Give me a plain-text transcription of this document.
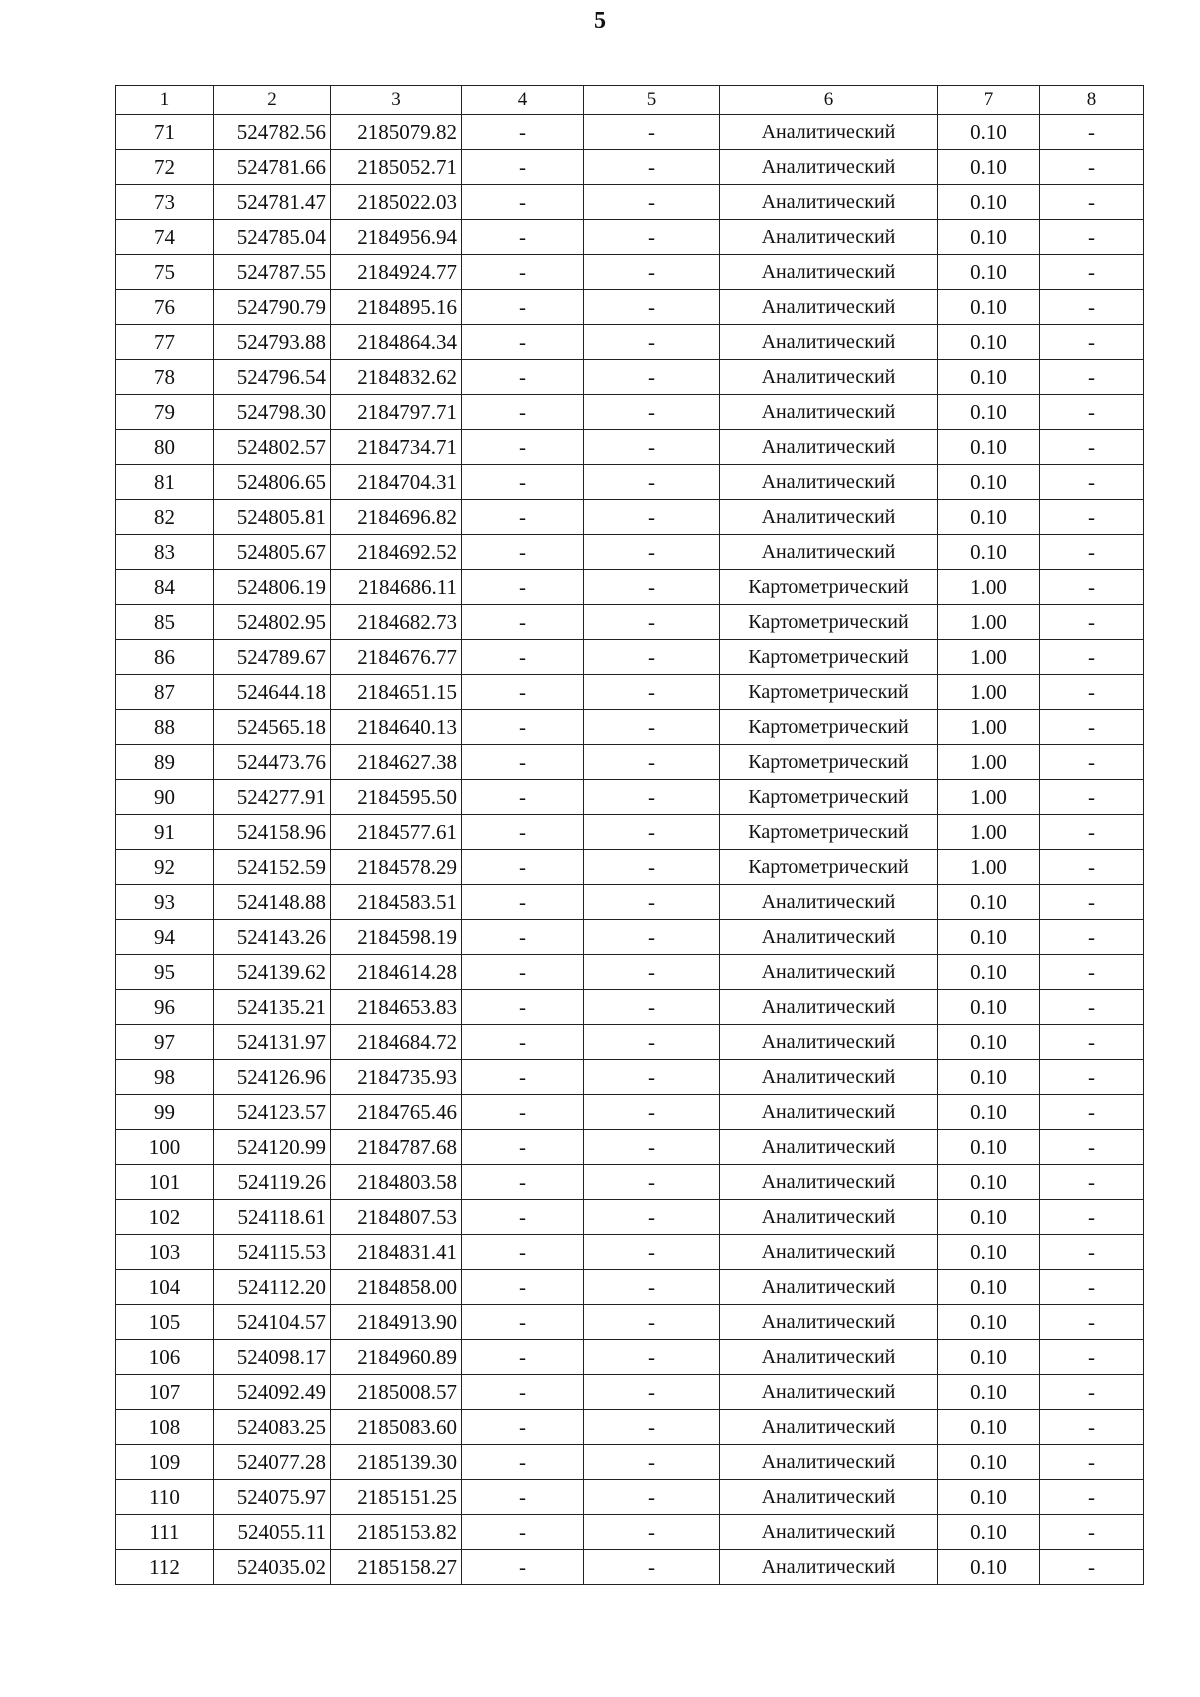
5
1	2	3	4	5	6	7	8
71	524782.56	2185079.82	-	-	Аналитический	0.10	-
72	524781.66	2185052.71	-	-	Аналитический	0.10	-
73	524781.47	2185022.03	-	-	Аналитический	0.10	-
74	524785.04	2184956.94	-	-	Аналитический	0.10	-
75	524787.55	2184924.77	-	-	Аналитический	0.10	-
76	524790.79	2184895.16	-	-	Аналитический	0.10	-
77	524793.88	2184864.34	-	-	Аналитический	0.10	-
78	524796.54	2184832.62	-	-	Аналитический	0.10	-
79	524798.30	2184797.71	-	-	Аналитический	0.10	-
80	524802.57	2184734.71	-	-	Аналитический	0.10	-
81	524806.65	2184704.31	-	-	Аналитический	0.10	-
82	524805.81	2184696.82	-	-	Аналитический	0.10	-
83	524805.67	2184692.52	-	-	Аналитический	0.10	-
84	524806.19	2184686.11	-	-	Картометрический	1.00	-
85	524802.95	2184682.73	-	-	Картометрический	1.00	-
86	524789.67	2184676.77	-	-	Картометрический	1.00	-
87	524644.18	2184651.15	-	-	Картометрический	1.00	-
88	524565.18	2184640.13	-	-	Картометрический	1.00	-
89	524473.76	2184627.38	-	-	Картометрический	1.00	-
90	524277.91	2184595.50	-	-	Картометрический	1.00	-
91	524158.96	2184577.61	-	-	Картометрический	1.00	-
92	524152.59	2184578.29	-	-	Картометрический	1.00	-
93	524148.88	2184583.51	-	-	Аналитический	0.10	-
94	524143.26	2184598.19	-	-	Аналитический	0.10	-
95	524139.62	2184614.28	-	-	Аналитический	0.10	-
96	524135.21	2184653.83	-	-	Аналитический	0.10	-
97	524131.97	2184684.72	-	-	Аналитический	0.10	-
98	524126.96	2184735.93	-	-	Аналитический	0.10	-
99	524123.57	2184765.46	-	-	Аналитический	0.10	-
100	524120.99	2184787.68	-	-	Аналитический	0.10	-
101	524119.26	2184803.58	-	-	Аналитический	0.10	-
102	524118.61	2184807.53	-	-	Аналитический	0.10	-
103	524115.53	2184831.41	-	-	Аналитический	0.10	-
104	524112.20	2184858.00	-	-	Аналитический	0.10	-
105	524104.57	2184913.90	-	-	Аналитический	0.10	-
106	524098.17	2184960.89	-	-	Аналитический	0.10	-
107	524092.49	2185008.57	-	-	Аналитический	0.10	-
108	524083.25	2185083.60	-	-	Аналитический	0.10	-
109	524077.28	2185139.30	-	-	Аналитический	0.10	-
110	524075.97	2185151.25	-	-	Аналитический	0.10	-
111	524055.11	2185153.82	-	-	Аналитический	0.10	-
112	524035.02	2185158.27	-	-	Аналитический	0.10	-
